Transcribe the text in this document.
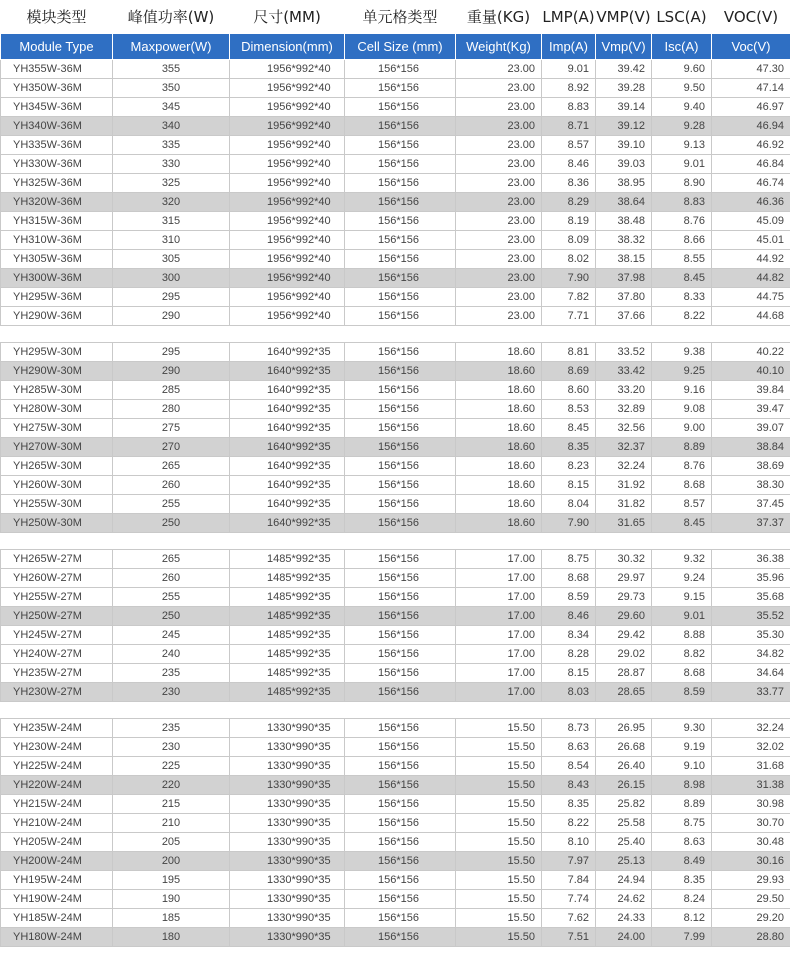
模块类型	峰值功率(W)	尺寸(MM)	单元格类型	重量(KG)	LMP(A)	VMP(V)	LSC(A)	VOC(V)
Module Type	Maxpower(W)	Dimension(mm)	Cell Size (mm)	Weight(Kg)	Imp(A)	Vmp(V)	Isc(A)	Voc(V)
YH355W-36M	355	1956*992*40	156*156	23.00	9.01	39.42	9.60	47.30
YH350W-36M	350	1956*992*40	156*156	23.00	8.92	39.28	9.50	47.14
YH345W-36M	345	1956*992*40	156*156	23.00	8.83	39.14	9.40	46.97
YH340W-36M	340	1956*992*40	156*156	23.00	8.71	39.12	9.28	46.94
YH335W-36M	335	1956*992*40	156*156	23.00	8.57	39.10	9.13	46.92
YH330W-36M	330	1956*992*40	156*156	23.00	8.46	39.03	9.01	46.84
YH325W-36M	325	1956*992*40	156*156	23.00	8.36	38.95	8.90	46.74
YH320W-36M	320	1956*992*40	156*156	23.00	8.29	38.64	8.83	46.36
YH315W-36M	315	1956*992*40	156*156	23.00	8.19	38.48	8.76	45.09
YH310W-36M	310	1956*992*40	156*156	23.00	8.09	38.32	8.66	45.01
YH305W-36M	305	1956*992*40	156*156	23.00	8.02	38.15	8.55	44.92
YH300W-36M	300	1956*992*40	156*156	23.00	7.90	37.98	8.45	44.82
YH295W-36M	295	1956*992*40	156*156	23.00	7.82	37.80	8.33	44.75
YH290W-36M	290	1956*992*40	156*156	23.00	7.71	37.66	8.22	44.68

YH295W-30M	295	1640*992*35	156*156	18.60	8.81	33.52	9.38	40.22
YH290W-30M	290	1640*992*35	156*156	18.60	8.69	33.42	9.25	40.10
YH285W-30M	285	1640*992*35	156*156	18.60	8.60	33.20	9.16	39.84
YH280W-30M	280	1640*992*35	156*156	18.60	8.53	32.89	9.08	39.47
YH275W-30M	275	1640*992*35	156*156	18.60	8.45	32.56	9.00	39.07
YH270W-30M	270	1640*992*35	156*156	18.60	8.35	32.37	8.89	38.84
YH265W-30M	265	1640*992*35	156*156	18.60	8.23	32.24	8.76	38.69
YH260W-30M	260	1640*992*35	156*156	18.60	8.15	31.92	8.68	38.30
YH255W-30M	255	1640*992*35	156*156	18.60	8.04	31.82	8.57	37.45
YH250W-30M	250	1640*992*35	156*156	18.60	7.90	31.65	8.45	37.37

YH265W-27M	265	1485*992*35	156*156	17.00	8.75	30.32	9.32	36.38
YH260W-27M	260	1485*992*35	156*156	17.00	8.68	29.97	9.24	35.96
YH255W-27M	255	1485*992*35	156*156	17.00	8.59	29.73	9.15	35.68
YH250W-27M	250	1485*992*35	156*156	17.00	8.46	29.60	9.01	35.52
YH245W-27M	245	1485*992*35	156*156	17.00	8.34	29.42	8.88	35.30
YH240W-27M	240	1485*992*35	156*156	17.00	8.28	29.02	8.82	34.82
YH235W-27M	235	1485*992*35	156*156	17.00	8.15	28.87	8.68	34.64
YH230W-27M	230	1485*992*35	156*156	17.00	8.03	28.65	8.59	33.77

YH235W-24M	235	1330*990*35	156*156	15.50	8.73	26.95	9.30	32.24
YH230W-24M	230	1330*990*35	156*156	15.50	8.63	26.68	9.19	32.02
YH225W-24M	225	1330*990*35	156*156	15.50	8.54	26.40	9.10	31.68
YH220W-24M	220	1330*990*35	156*156	15.50	8.43	26.15	8.98	31.38
YH215W-24M	215	1330*990*35	156*156	15.50	8.35	25.82	8.89	30.98
YH210W-24M	210	1330*990*35	156*156	15.50	8.22	25.58	8.75	30.70
YH205W-24M	205	1330*990*35	156*156	15.50	8.10	25.40	8.63	30.48
YH200W-24M	200	1330*990*35	156*156	15.50	7.97	25.13	8.49	30.16
YH195W-24M	195	1330*990*35	156*156	15.50	7.84	24.94	8.35	29.93
YH190W-24M	190	1330*990*35	156*156	15.50	7.74	24.62	8.24	29.50
YH185W-24M	185	1330*990*35	156*156	15.50	7.62	24.33	8.12	29.20
YH180W-24M	180	1330*990*35	156*156	15.50	7.51	24.00	7.99	28.80
